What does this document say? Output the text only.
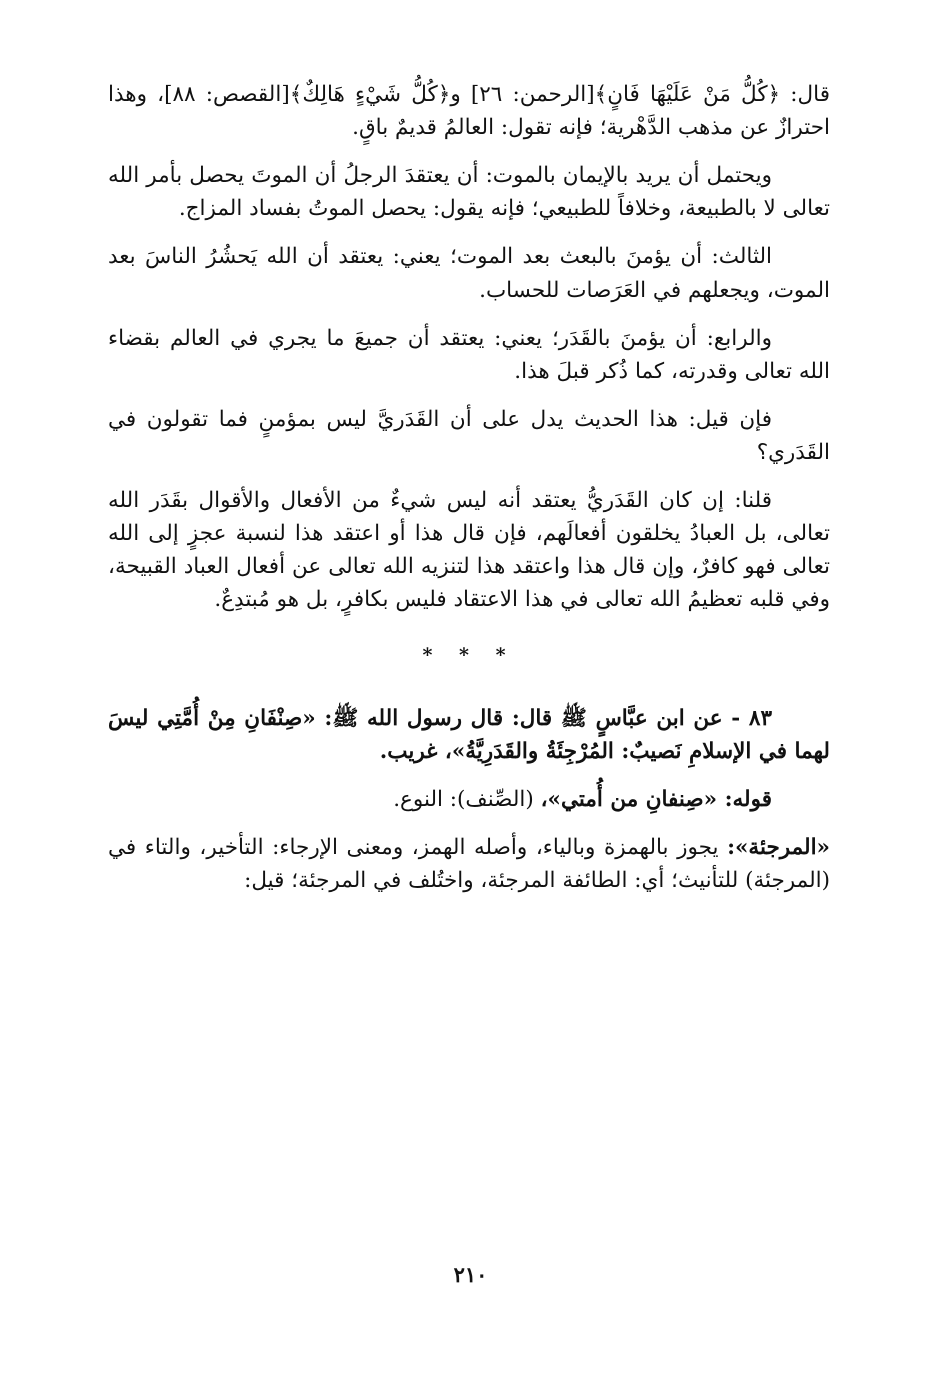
قال: ﴿كُلُّ مَنْ عَلَيْهَا فَانٍ﴾[الرحمن: ٢٦] و﴿كُلُّ شَيْءٍ هَالِكٌ﴾[القصص: ٨٨]، وهذا احترازٌ عن مذهب الدَّهْرية؛ فإنه تقول: العالمُ قديمٌ باقٍ.

ويحتمل أن يريد بالإيمان بالموت: أن يعتقدَ الرجلُ أن الموتَ يحصل بأمر الله تعالى لا بالطبيعة، وخلافاً للطبيعي؛ فإنه يقول: يحصل الموتُ بفساد المزاج.

الثالث: أن يؤمنَ بالبعث بعد الموت؛ يعني: يعتقد أن الله يَحشُرُ الناسَ بعد الموت، ويجعلهم في العَرَصات للحساب.

والرابع: أن يؤمنَ بالقَدَر؛ يعني: يعتقد أن جميعَ ما يجري في العالم بقضاء الله تعالى وقدرته، كما ذُكر قبلَ هذا.

فإن قيل: هذا الحديث يدل على أن القَدَريَّ ليس بمؤمنٍ فما تقولون في القَدَري؟

قلنا: إن كان القَدَريُّ يعتقد أنه ليس شيءٌ من الأفعال والأقوال بقَدَر الله تعالى، بل العبادُ يخلقون أفعالَهم، فإن قال هذا أو اعتقد هذا لنسبة عجزٍ إلى الله تعالى فهو كافرٌ، وإن قال هذا واعتقد هذا لتنزيه الله تعالى عن أفعال العباد القبيحة، وفي قلبه تعظيمُ الله تعالى في هذا الاعتقاد فليس بكافرٍ، بل هو مُبتدِعٌ.

* * *

٨٣ - عن ابن عبَّاسٍ ﷺ قال: قال رسول الله ﷺ: «صِنْفَانِ مِنْ أُمَّتِي ليسَ لهما في الإسلامِ نَصيبٌ: المُرْجِئَةُ والقَدَرِيَّةُ»، غريب.

قوله: «صِنفانِ من أُمتي»، (الصِّنف): النوع.

«المرجئة»: يجوز بالهمزة وبالياء، وأصله الهمز، ومعنى الإرجاء: التأخير، والتاء في (المرجئة) للتأنيث؛ أي: الطائفة المرجئة، واختُلف في المرجئة؛ قيل:

٢١٠
